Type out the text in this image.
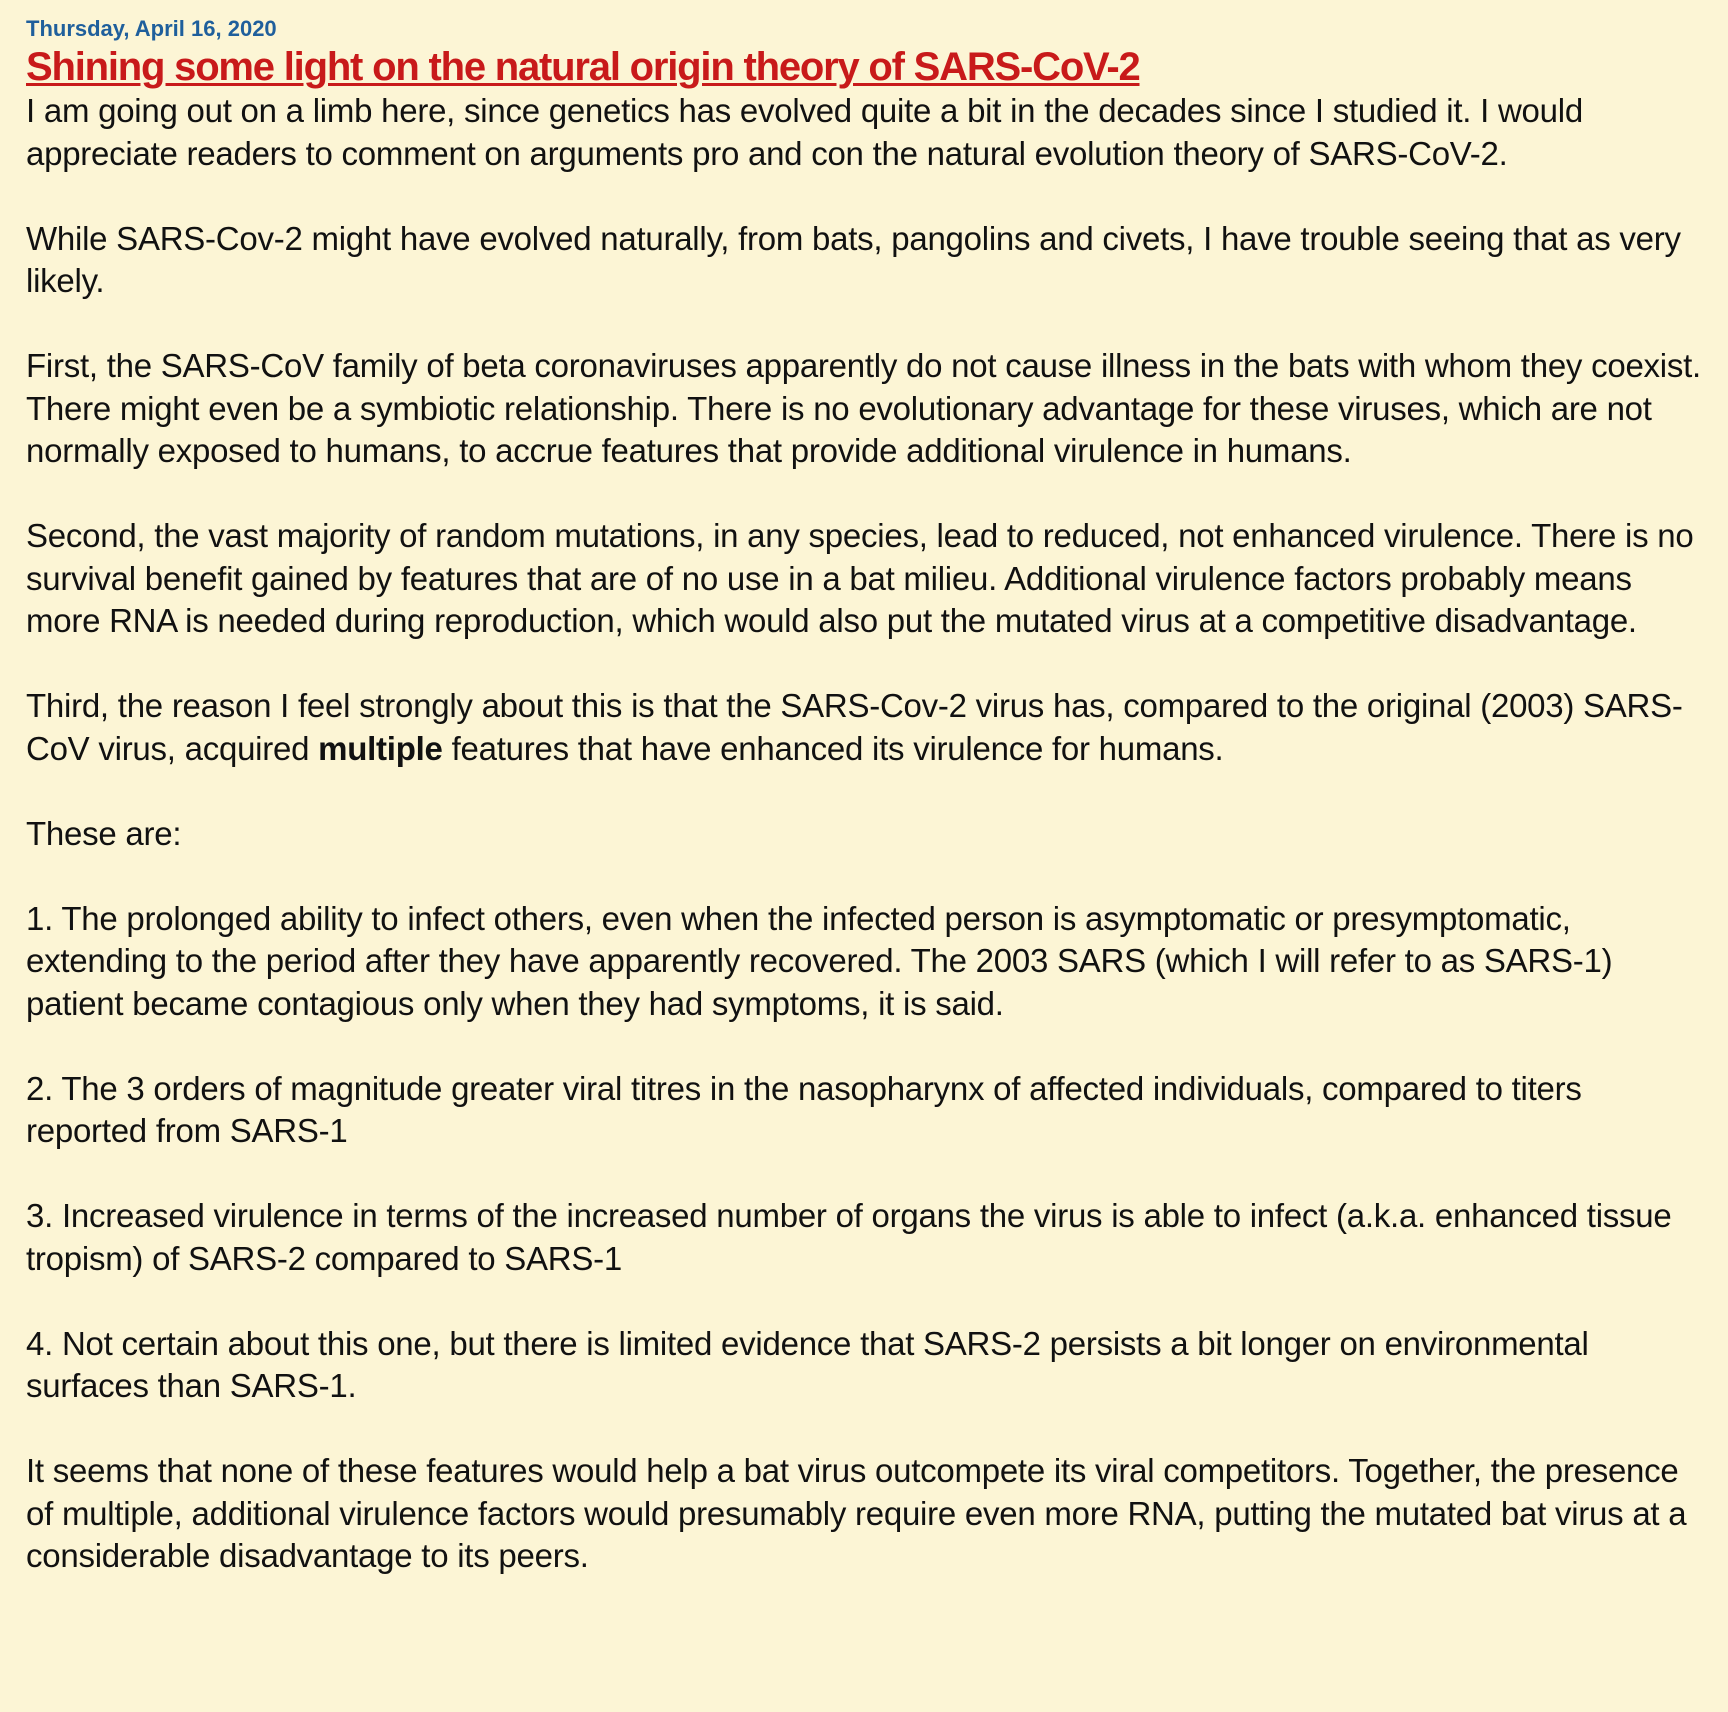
Thursday, April 16, 2020
Shining some light on the natural origin theory of SARS-CoV-2

I am going out on a limb here, since genetics has evolved quite a bit in the decades since I studied it. I would appreciate readers to comment on arguments pro and con the natural evolution theory of SARS-CoV-2.

While SARS-Cov-2 might have evolved naturally, from bats, pangolins and civets, I have trouble seeing that as very likely.

First, the SARS-CoV family of beta coronaviruses apparently do not cause illness in the bats with whom they coexist. There might even be a symbiotic relationship. There is no evolutionary advantage for these viruses, which are not normally exposed to humans, to accrue features that provide additional virulence in humans.

Second, the vast majority of random mutations, in any species, lead to reduced, not enhanced virulence. There is no survival benefit gained by features that are of no use in a bat milieu. Additional virulence factors probably means more RNA is needed during reproduction, which would also put the mutated virus at a competitive disadvantage.

Third, the reason I feel strongly about this is that the SARS-Cov-2 virus has, compared to the original (2003) SARS-CoV virus, acquired multiple features that have enhanced its virulence for humans.

These are:

1. The prolonged ability to infect others, even when the infected person is asymptomatic or presymptomatic, extending to the period after they have apparently recovered. The 2003 SARS (which I will refer to as SARS-1) patient became contagious only when they had symptoms, it is said.

2. The 3 orders of magnitude greater viral titres in the nasopharynx of affected individuals, compared to titers reported from SARS-1

3. Increased virulence in terms of the increased number of organs the virus is able to infect (a.k.a. enhanced tissue tropism) of SARS-2 compared to SARS-1

4. Not certain about this one, but there is limited evidence that SARS-2 persists a bit longer on environmental surfaces than SARS-1.

It seems that none of these features would help a bat virus outcompete its viral competitors. Together, the presence of multiple, additional virulence factors would presumably require even more RNA, putting the mutated bat virus at a considerable disadvantage to its peers.
